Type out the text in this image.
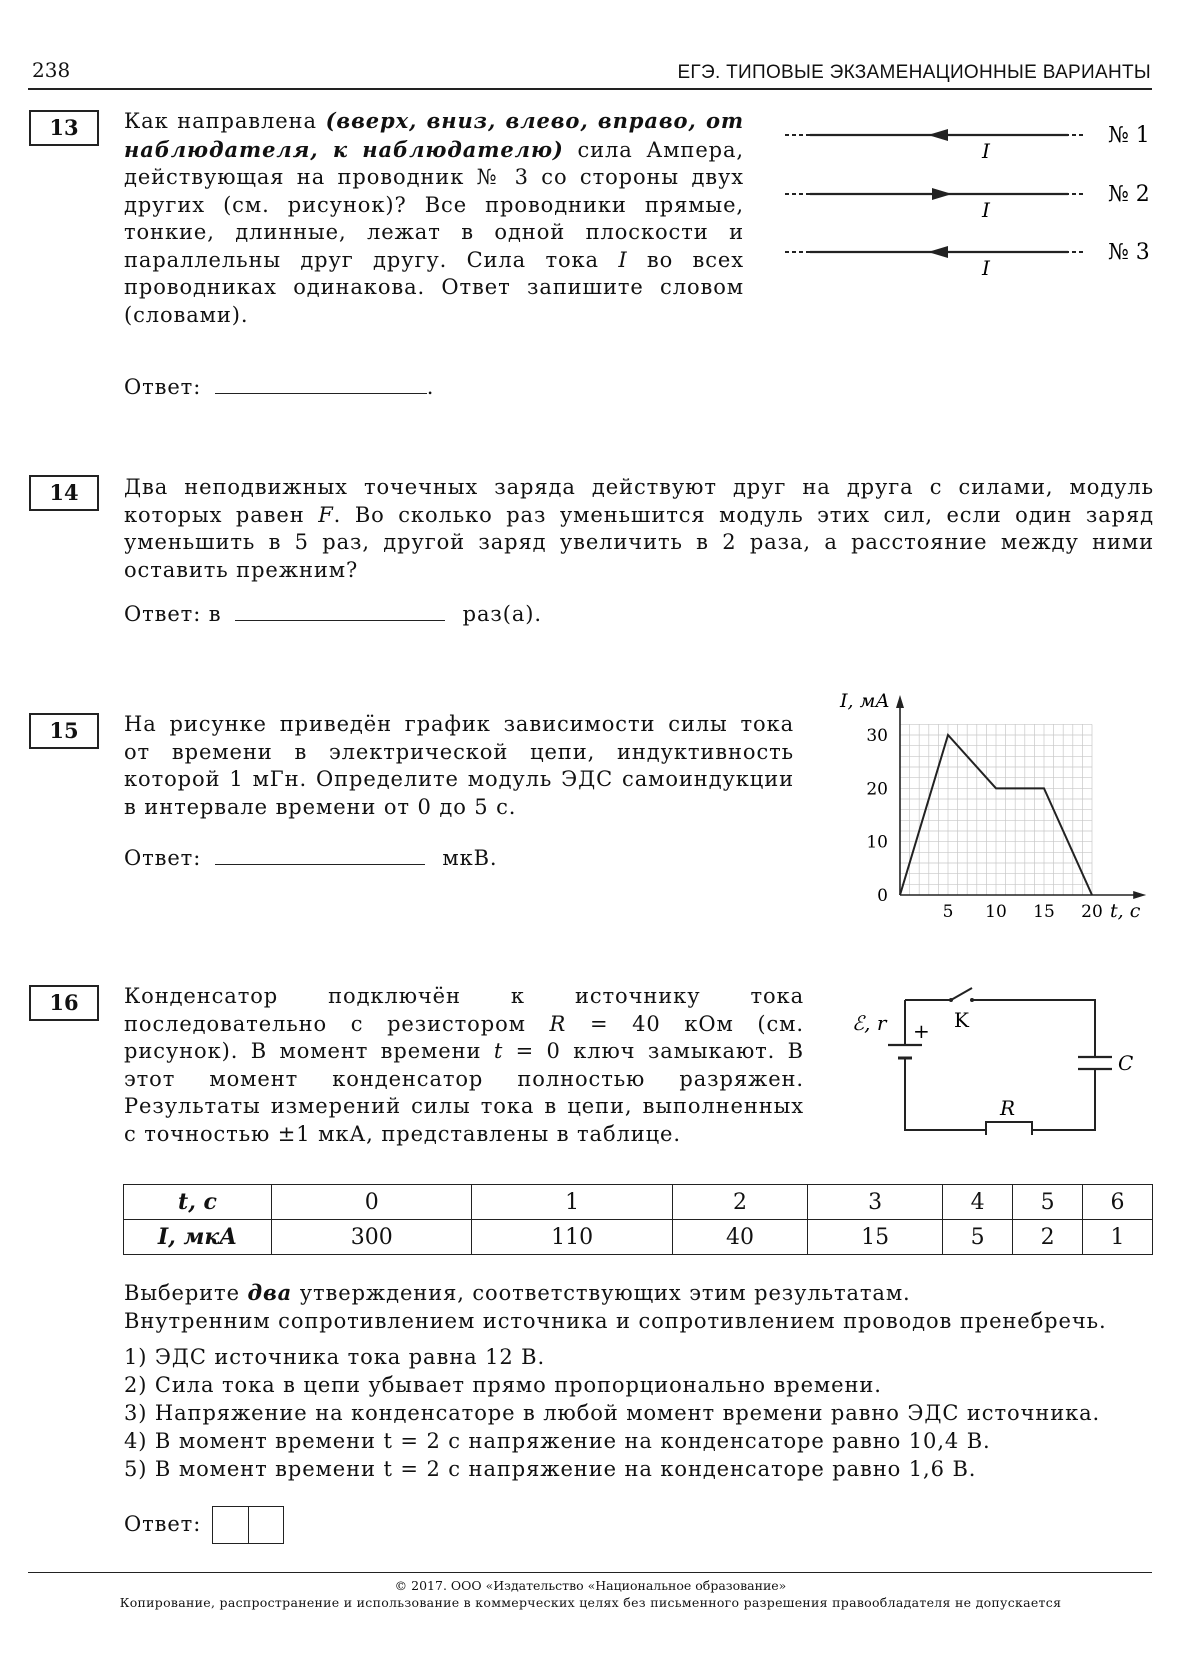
238	ЕГЭ. ТИПОВЫЕ ЭКЗАМЕНАЦИОННЫЕ ВАРИАНТЫ
13	Как направлена (вверх, вниз, влево, вправо, от наблюдателя, к наблюдателю) сила Ампера, действующая на проводник № 3 со стороны двух других (см. рисунок)? Все проводники прямые, тонкие, длинные, лежат в одной плоскости и параллельны друг другу. Сила тока I во всех проводниках одинакова. Ответ запишите словом (словами).

Ответ:	.
I
№ 1
I
№ 2
I
№ 3
14	Два неподвижных точечных заряда действуют друг на друга с силами, модуль которых равен F. Во сколько раз уменьшится модуль этих сил, если один заряд уменьшить в 5 раз, другой заряд увеличить в 2 раза, а расстояние между ними оставить прежним?

Ответ: в	раз(а).
15	На рисунке приведён график зависимости силы тока от времени в электрической цепи, индуктивность которой 1 мГн. Определите модуль ЭДС самоиндукции в интервале времени от 0 до 5 с.

Ответ:	мкВ.
5 10 15 20
0
10
20
30
t, c
I, мА
16	Конденсатор подключён к источнику тока последовательно с резистором R = 40 кОм (см. рисунок). В момент времени t = 0 ключ замыкают. В этот момент конденсатор полностью разряжен. Результаты измерений силы тока в цепи, выполненных с точностью ±1 мкА, представлены в таблице.

ℰ, r + K
R
C
t, c	0	1	2	3	4	5	6
I, мкА	300	110	40	15	5	2	1

Выберите два утверждения, соответствующих этим результатам.

Внутренним сопротивлением источника и сопротивлением проводов пренебречь.

1) ЭДС источника тока равна 12 В.
2) Сила тока в цепи убывает прямо пропорционально времени.
3) Напряжение на конденсаторе в любой момент времени равно ЭДС источника.
4) В момент времени t = 2 с напряжение на конденсаторе равно 10,4 В.
5) В момент времени t = 2 с напряжение на конденсаторе равно 1,6 В.
Ответ:
© 2017. ООО «Издательство «Национальное образование»
Копирование, распространение и использование в коммерческих целях без письменного разрешения правообладателя не допускается
